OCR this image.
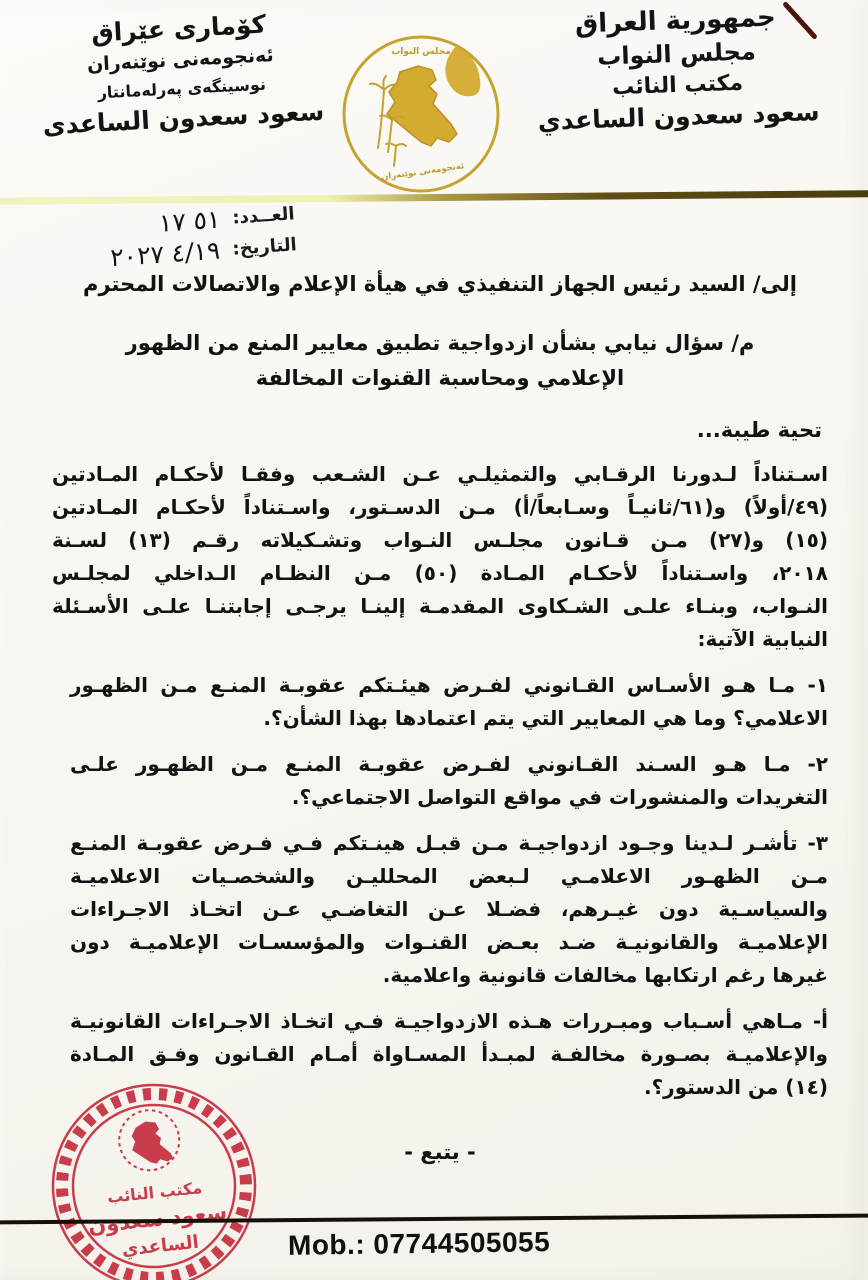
کۆماری عێراق
ئەنجومەنی نوێنەران
نوسینگەی پەرلەمانتار
سعود سعدون الساعدی
مجلس النواب
ئەنجومەنی نوێنەران
جمهورية العراق
مجلس النواب
مكتب النائب
سعود سعدون الساعدي
العــدد:
١٧ ٥١
التاريخ:
٢٠٢٧ ٤/١٩
إلى/ السيد رئيس الجهاز التنفيذي في هيأة الإعلام والاتصالات المحترم
م/ سؤال نيابي بشأن ازدواجية تطبيق معايير المنع من الظهور
الإعلامي ومحاسبة القنوات المخالفة
تحية طيبة...
اسـتناداً لـدورنا الرقـابي والتمثيلـي عـن الشـعب وفقـا لأحكـام المـادتين
(٤٩/أولاً) و(٦١/ثانيـاً وسـابعاً/أ) مـن الدسـتور، واسـتناداً لأحكـام المـادتين
(١٥) و(٢٧) مـن قـانون مجلـس النـواب وتشـكيلاته رقـم (١٣) لسـنة
٢٠١٨، واسـتناداً لأحكـام المـادة (٥٠) مـن النظـام الـداخلي لمجلـس
النـواب، وبنـاء علـى الشـكاوى المقدمـة إلينـا يرجـى إجابتنـا علـى الأسـئلة
النيابية الآتية:
١- مـا هـو الأسـاس القـانوني لفـرض هيئـتكم عقوبـة المنـع مـن الظهـور
الاعلامي؟ وما هي المعايير التي يتم اعتمادها بهذا الشأن؟.
٢- مـا هـو السـند القـانوني لفـرض عقوبـة المنـع مـن الظهـور علـى
التغريدات والمنشورات في مواقع التواصل الاجتماعي؟.
٣- تأشـر لـدينا وجـود ازدواجيـة مـن قبـل هينـتكم فـي فـرض عقوبـة المنـع
مـن الظهـور الاعلامـي لـبعض المحلليـن والشخصـيات الاعلاميـة
والسياسـية دون غيـرهم، فضـلا عـن التغاضـي عـن اتخـاذ الاجـراءات
الإعلاميـة والقانونيـة ضـد بعـض القنـوات والمؤسسـات الإعلاميـة دون
غيرها رغم ارتكابها مخالفات قانونية واعلامية.
أ- مـاهي أسـباب ومبـررات هـذه الازدواجيـة فـي اتخـاذ الاجـراءات القانونيـة
والإعلاميـة بصـورة مخالفـة لمبـدأ المسـاواة أمـام القـانون وفـق المـادة
(١٤) من الدستور؟.
- يتبع -
مكتب النائب
الساعدي	Mob.: 07744505055
